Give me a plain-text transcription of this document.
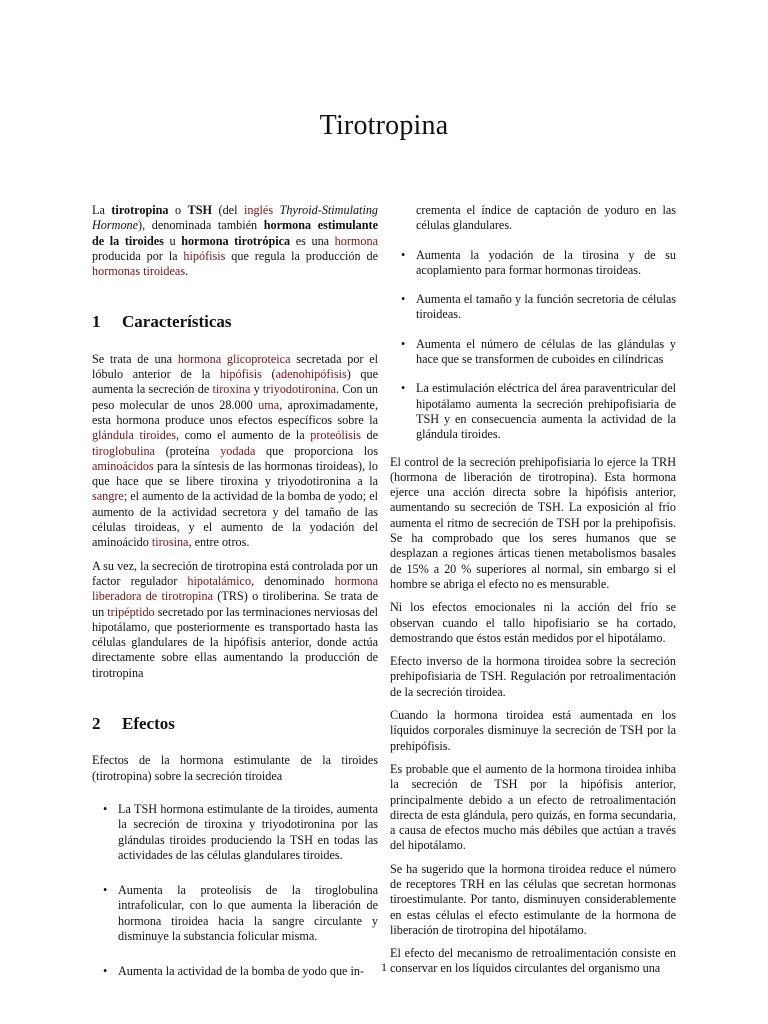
Tirotropina

La tirotropina o TSH (del inglés Thyroid-Stimulating Hormone), denominada también hormona estimulante de la tiroides u hormona tirotrópica es una hormona producida por la hipófisis que regula la producción de hormonas tiroideas.

1 Características

Se trata de una hormona glicoproteica secretada por el lóbulo anterior de la hipófisis (adenohipófisis) que aumenta la secreción de tiroxina y triyodotironina. Con un peso molecular de unos 28.000 uma, aproximadamente, esta hormona produce unos efectos específicos sobre la glándula tiroides, como el aumento de la proteólisis de tiroglobulina (proteína yodada que proporciona los aminoácidos para la síntesis de las hormonas tiroideas), lo que hace que se libere tiroxina y triyodotironina a la sangre; el aumento de la actividad de la bomba de yodo; el aumento de la actividad secretora y del tamaño de las células tiroideas, y el aumento de la yodación del aminoácido tirosina, entre otros.

A su vez, la secreción de tirotropina está controlada por un factor regulador hipotalámico, denominado hormona liberadora de tirotropina (TRS) o tiroliberina. Se trata de un tripéptido secretado por las terminaciones nerviosas del hipotálamo, que posteriormente es transportado hasta las células glandulares de la hipófisis anterior, donde actúa directamente sobre ellas aumentando la producción de tirotropina

2 Efectos

Efectos de la hormona estimulante de la tiroides (tirotropina) sobre la secreción tiroidea

• La TSH hormona estimulante de la tiroides, aumenta la secreción de tiroxina y triyodotironina por las glándulas tiroides produciendo la TSH en todas las actividades de las células glandulares tiroides.
• Aumenta la proteolisis de la tiroglobulina intrafolicular, con lo que aumenta la liberación de hormona tiroidea hacia la sangre circulante y disminuye la substancia folicular misma.
• Aumenta la actividad de la bomba de yodo que in-
crementa el índice de captación de yoduro en las células glandulares.
• Aumenta la yodación de la tirosina y de su acoplamiento para formar hormonas tiroideas.
• Aumenta el tamaño y la función secretoria de células tiroideas.
• Aumenta el número de células de las glándulas y hace que se transformen de cuboides en cilíndricas
• La estimulación eléctrica del área paraventricular del hipotálamo aumenta la secreción prehipofisiaria de TSH y en consecuencia aumenta la actividad de la glándula tiroides.

El control de la secreción prehipofisiaria lo ejerce la TRH (hormona de liberación de tirotropina). Esta hormona ejerce una acción directa sobre la hipófisis anterior, aumentando su secreción de TSH. La exposición al frío aumenta el ritmo de secreción de TSH por la prehipofisis. Se ha comprobado que los seres humanos que se desplazan a regiones árticas tienen metabolismos basales de 15% a 20 % superiores al normal, sin embargo si el hombre se abriga el efecto no es mensurable.

Ni los efectos emocionales ni la acción del frío se observan cuando el tallo hipofisiario se ha cortado, demostrando que éstos están medidos por el hipotálamo.

Efecto inverso de la hormona tiroidea sobre la secreción prehipofisiaria de TSH. Regulación por retroalimentación de la secreción tiroidea.

Cuando la hormona tiroidea está aumentada en los líquidos corporales disminuye la secreción de TSH por la prehipófisis.

Es probable que el aumento de la hormona tiroidea inhiba la secreción de TSH por la hipófisis anterior, principalmente debido a un efecto de retroalimentación directa de esta glándula, pero quizás, en forma secundaria, a causa de efectos mucho más débiles que actúan a través del hipotálamo.

Se ha sugerido que la hormona tiroidea reduce el número de receptores TRH en las células que secretan hormonas tiroestimulante. Por tanto, disminuyen considerablemente en estas células el efecto estimulante de la hormona de liberación de tirotropina del hipotálamo.

El efecto del mecanismo de retroalimentación consiste en conservar en los líquidos circulantes del organismo una

1
